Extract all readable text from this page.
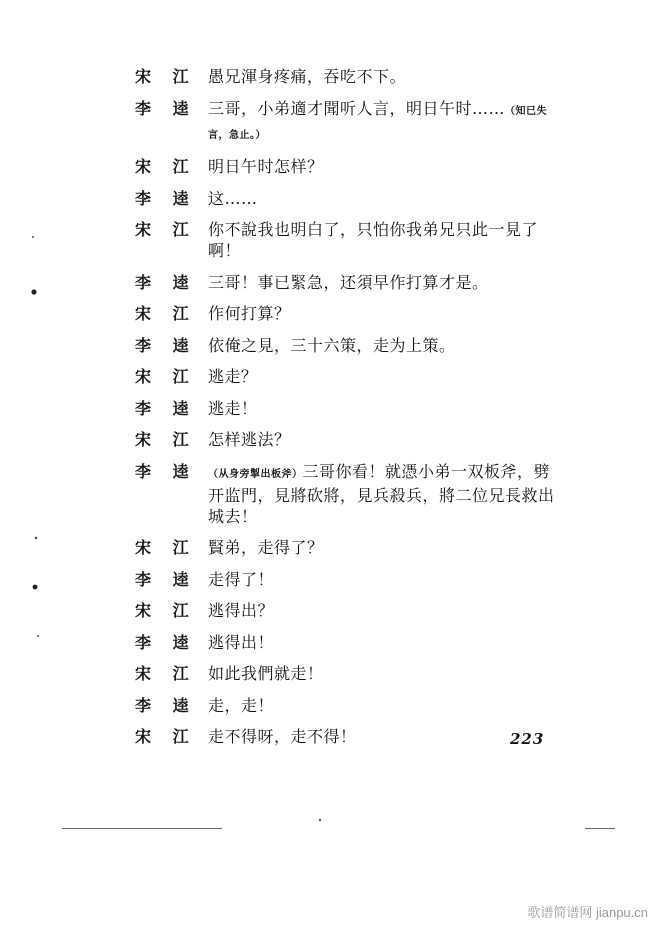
宋 江 愚兄渾身疼痛，吞吃不下。
李 逵 三哥，小弟適才聞听人言，明日午时……（知已失言，急止。）
宋 江 明日午时怎样？
李 逵 这……
宋 江 你不說我也明白了，只怕你我弟兄只此一見了啊！
李 逵 三哥！事已緊急，还須早作打算才是。
宋 江 作何打算？
李 逵 依俺之見，三十六策，走为上策。
宋 江 逃走？
李 逵 逃走！
宋 江 怎样逃法？
李 逵	（从身旁掣出板斧）三哥你看！就憑小弟一双板斧，劈开监門，見將砍將，見兵殺兵，將二位兄長救出城去！
宋 江 賢弟，走得了？
李 逵 走得了！
宋 江 逃得出？
李 逵 逃得出！
宋 江 如此我們就走！
李 逵 走，走！
宋 江 走不得呀，走不得！	223
歌谱简谱网 jianpu.cn
